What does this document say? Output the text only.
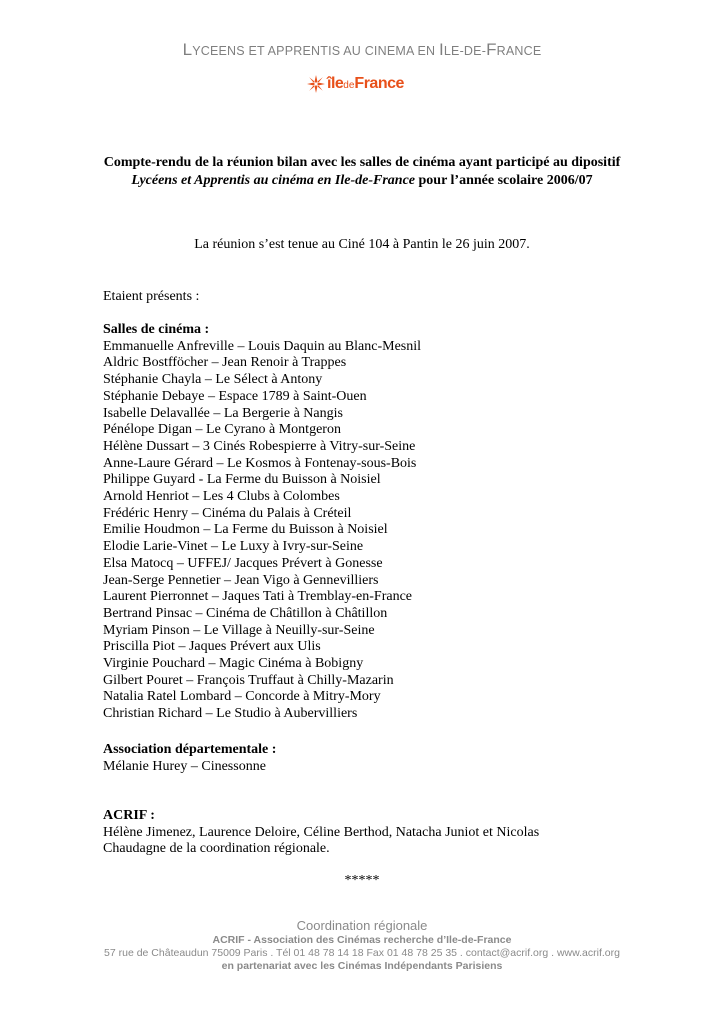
LYCEENS ET APPRENTIS AU CINEMA EN ILE-DE-FRANCE
île de France
Compte-rendu de la réunion bilan avec les salles de cinéma ayant participé au dipositif
Lycéens et Apprentis au cinéma en Ile-de-France pour l’année scolaire 2006/07
La réunion s’est tenue au Ciné 104 à Pantin le 26 juin 2007.
Etaient présents :
Salles de cinéma :
Emmanuelle Anfreville – Louis Daquin au Blanc-Mesnil
Aldric Bostfföcher – Jean Renoir à Trappes
Stéphanie Chayla – Le Sélect à Antony
Stéphanie Debaye – Espace 1789 à Saint-Ouen
Isabelle Delavallée – La Bergerie à Nangis
Pénélope Digan – Le Cyrano à Montgeron
Hélène Dussart – 3 Cinés Robespierre à Vitry-sur-Seine
Anne-Laure Gérard – Le Kosmos à Fontenay-sous-Bois
Philippe Guyard - La Ferme du Buisson à Noisiel
Arnold Henriot – Les 4 Clubs à Colombes
Frédéric Henry – Cinéma du Palais à Créteil
Emilie Houdmon – La Ferme du Buisson à Noisiel
Elodie Larie-Vinet – Le Luxy à Ivry-sur-Seine
Elsa Matocq – UFFEJ/ Jacques Prévert à Gonesse
Jean-Serge Pennetier – Jean Vigo à Gennevilliers
Laurent Pierronnet – Jaques Tati à Tremblay-en-France
Bertrand Pinsac – Cinéma de Châtillon à Châtillon
Myriam Pinson – Le Village à Neuilly-sur-Seine
Priscilla Piot – Jaques Prévert aux Ulis
Virginie Pouchard – Magic Cinéma à Bobigny
Gilbert Pouret – François Truffaut à Chilly-Mazarin
Natalia Ratel Lombard – Concorde à Mitry-Mory
Christian Richard – Le Studio à Aubervilliers
Association départementale :
Mélanie Hurey – Cinessonne
ACRIF :
Hélène Jimenez, Laurence Deloire, Céline Berthod, Natacha Juniot et Nicolas
Chaudagne de la coordination régionale.
*****
Coordination régionale
ACRIF - Association des Cinémas recherche d’Ile-de-France
57 rue de Châteaudun 75009 Paris . Tél 01 48 78 14 18 Fax 01 48 78 25 35 . contact@acrif.org . www.acrif.org
en partenariat avec les Cinémas Indépendants Parisiens
